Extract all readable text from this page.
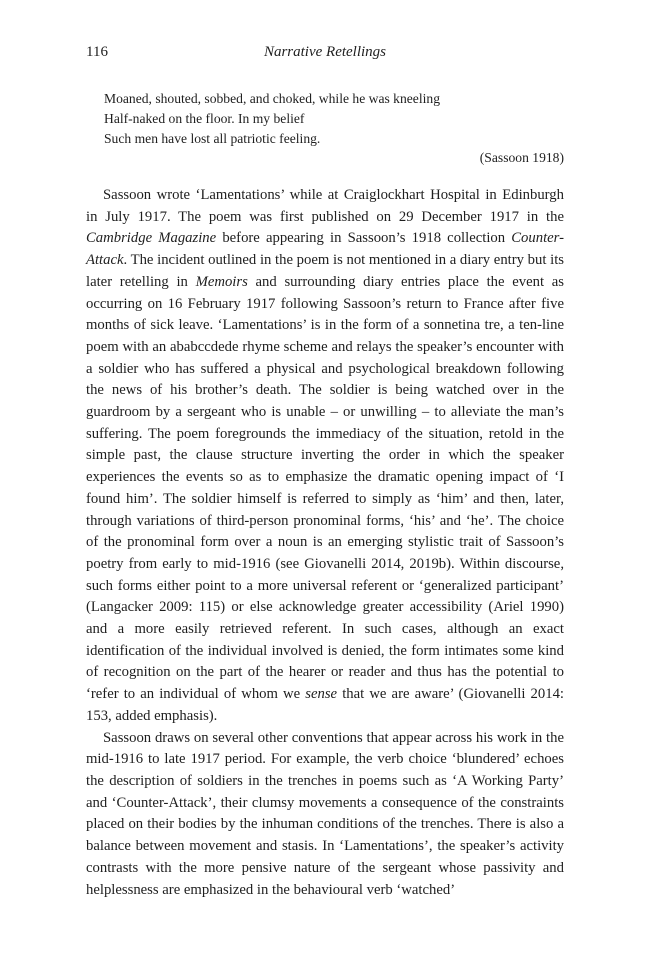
116	Narrative Retellings
Moaned, shouted, sobbed, and choked, while he was kneeling
Half-naked on the floor. In my belief
Such men have lost all patriotic feeling.
(Sassoon 1918)

Sassoon wrote ‘Lamentations’ while at Craiglockhart Hospital in Edinburgh in July 1917. The poem was first published on 29 December 1917 in the Cambridge Magazine before appearing in Sassoon’s 1918 collection Counter-Attack. The incident outlined in the poem is not mentioned in a diary entry but its later retelling in Memoirs and surrounding diary entries place the event as occurring on 16 February 1917 following Sassoon’s return to France after five months of sick leave. ‘Lamentations’ is in the form of a sonnetina tre, a ten-line poem with an ababccdede rhyme scheme and relays the speaker’s encounter with a soldier who has suffered a physical and psychological breakdown following the news of his brother’s death. The soldier is being watched over in the guardroom by a sergeant who is unable – or unwilling – to alleviate the man’s suffering. The poem foregrounds the immediacy of the situation, retold in the simple past, the clause structure inverting the order in which the speaker experiences the events so as to emphasize the dramatic opening impact of ‘I found him’. The soldier himself is referred to simply as ‘him’ and then, later, through variations of third-person pronominal forms, ‘his’ and ‘he’. The choice of the pronominal form over a noun is an emerging stylistic trait of Sassoon’s poetry from early to mid-1916 (see Giovanelli 2014, 2019b). Within discourse, such forms either point to a more universal referent or ‘generalized participant’ (Langacker 2009: 115) or else acknowledge greater accessibility (Ariel 1990) and a more easily retrieved referent. In such cases, although an exact identification of the individual involved is denied, the form intimates some kind of recognition on the part of the hearer or reader and thus has the potential to ‘refer to an individual of whom we sense that we are aware’ (Giovanelli 2014: 153, added emphasis).

Sassoon draws on several other conventions that appear across his work in the mid-1916 to late 1917 period. For example, the verb choice ‘blundered’ echoes the description of soldiers in the trenches in poems such as ‘A Working Party’ and ‘Counter-Attack’, their clumsy movements a consequence of the constraints placed on their bodies by the inhuman conditions of the trenches. There is also a balance between movement and stasis. In ‘Lamentations’, the speaker’s activity contrasts with the more pensive nature of the sergeant whose passivity and helplessness are emphasized in the behavioural verb ‘watched’
